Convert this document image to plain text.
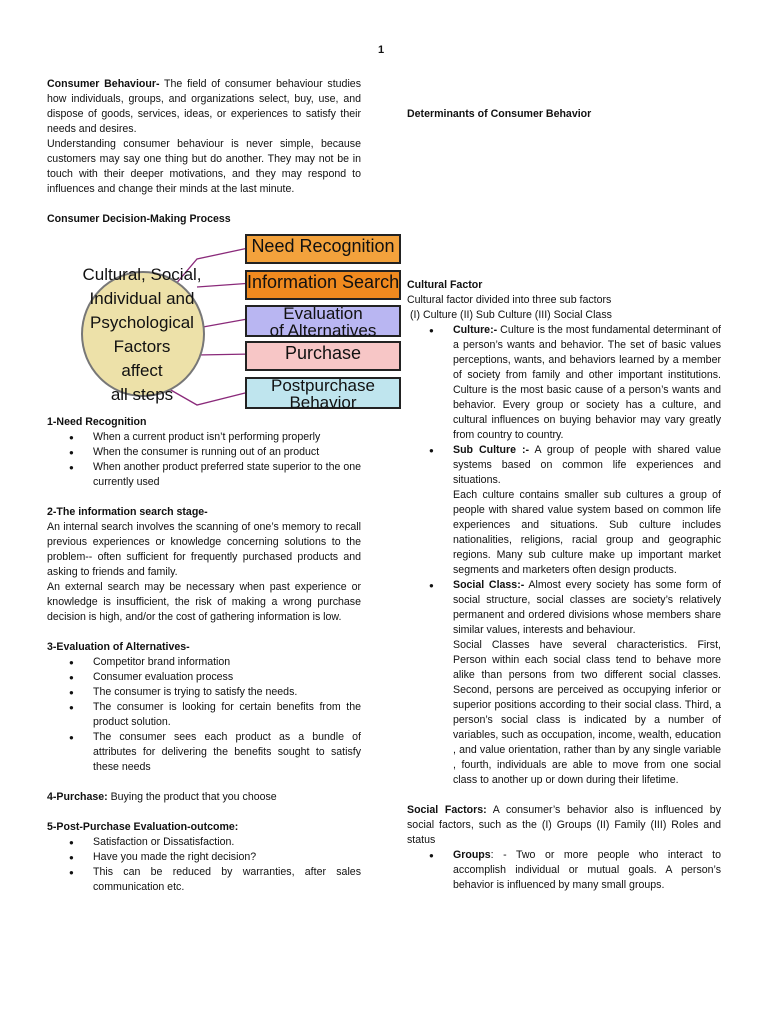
1

Consumer Behaviour- The field of consumer behaviour studies how individuals, groups, and organizations select, buy, use, and dispose of goods, services, ideas, or experiences to satisfy their needs and desires.

Understanding consumer behaviour is never simple, because customers may say one thing but do another. They may not be in touch with their deeper motivations, and they may respond to influences and change their minds at the last minute.

Consumer Decision-Making Process

Cultural, Social,
Individual and
Psychological
Factors
affect
all steps
Need Recognition
Information Search
Evaluation
of Alternatives
Purchase
Postpurchase
Behavior

1-Need Recognition

● When a current product isn’t performing properly
● When the consumer is running out of an product
● When another product preferred state superior to the one currently used

2-The information search stage-

An internal search involves the scanning of one’s memory to recall previous experiences or knowledge concerning solutions to the problem-- often sufficient for frequently purchased products and asking to friends and family.

An external search may be necessary when past experience or knowledge is insufficient, the risk of making a wrong purchase decision is high, and/or the cost of gathering information is low.

3-Evaluation of Alternatives-

● Competitor brand information
● Consumer evaluation process
● The consumer is trying to satisfy the needs.
● The consumer is looking for certain benefits from the product solution.
● The consumer sees each product as a bundle of attributes for delivering the benefits sought to satisfy these needs

4-Purchase: Buying the product that you choose

5-Post-Purchase Evaluation-outcome:

● Satisfaction or Dissatisfaction.
● Have you made the right decision?
● This can be reduced by warranties, after sales communication etc.

Determinants of Consumer Behavior

Cultural Factor

Cultural factor divided into three sub factors

(I) Culture (II) Sub Culture (III) Social Class

● Culture:- Culture is the most fundamental determinant of a person’s wants and behavior. The set of basic values perceptions, wants, and behaviors learned by a member of society from family and other important institutions. Culture is the most basic cause of a person’s wants and behavior. Every group or society has a culture, and cultural influences on buying behavior may vary greatly from country to country.
● Sub Culture :- A group of people with shared value systems based on common life experiences and situations.

Each culture contains smaller sub cultures a group of people with shared value system based on common life experiences and situations. Sub culture includes nationalities, religions, racial group and geographic regions. Many sub culture make up important market segments and marketers often design products.

● Social Class:- Almost every society has some form of social structure, social classes are society’s relatively permanent and ordered divisions whose members share similar values, interests and behaviour.

Social Classes have several characteristics. First, Person within each social class tend to behave more alike than persons from two different social classes. Second, persons are perceived as occupying inferior or superior positions according to their social class. Third, a person’s social class is indicated by a number of variables, such as occupation, income, wealth, education , and value orientation, rather than by any single variable , fourth, individuals are able to move from one social class to another up or down during their lifetime.

Social Factors: A consumer’s behavior also is influenced by social factors, such as the (I) Groups (II) Family (III) Roles and status

● Groups: - Two or more people who interact to accomplish individual or mutual goals. A person’s behavior is influenced by many small groups.
